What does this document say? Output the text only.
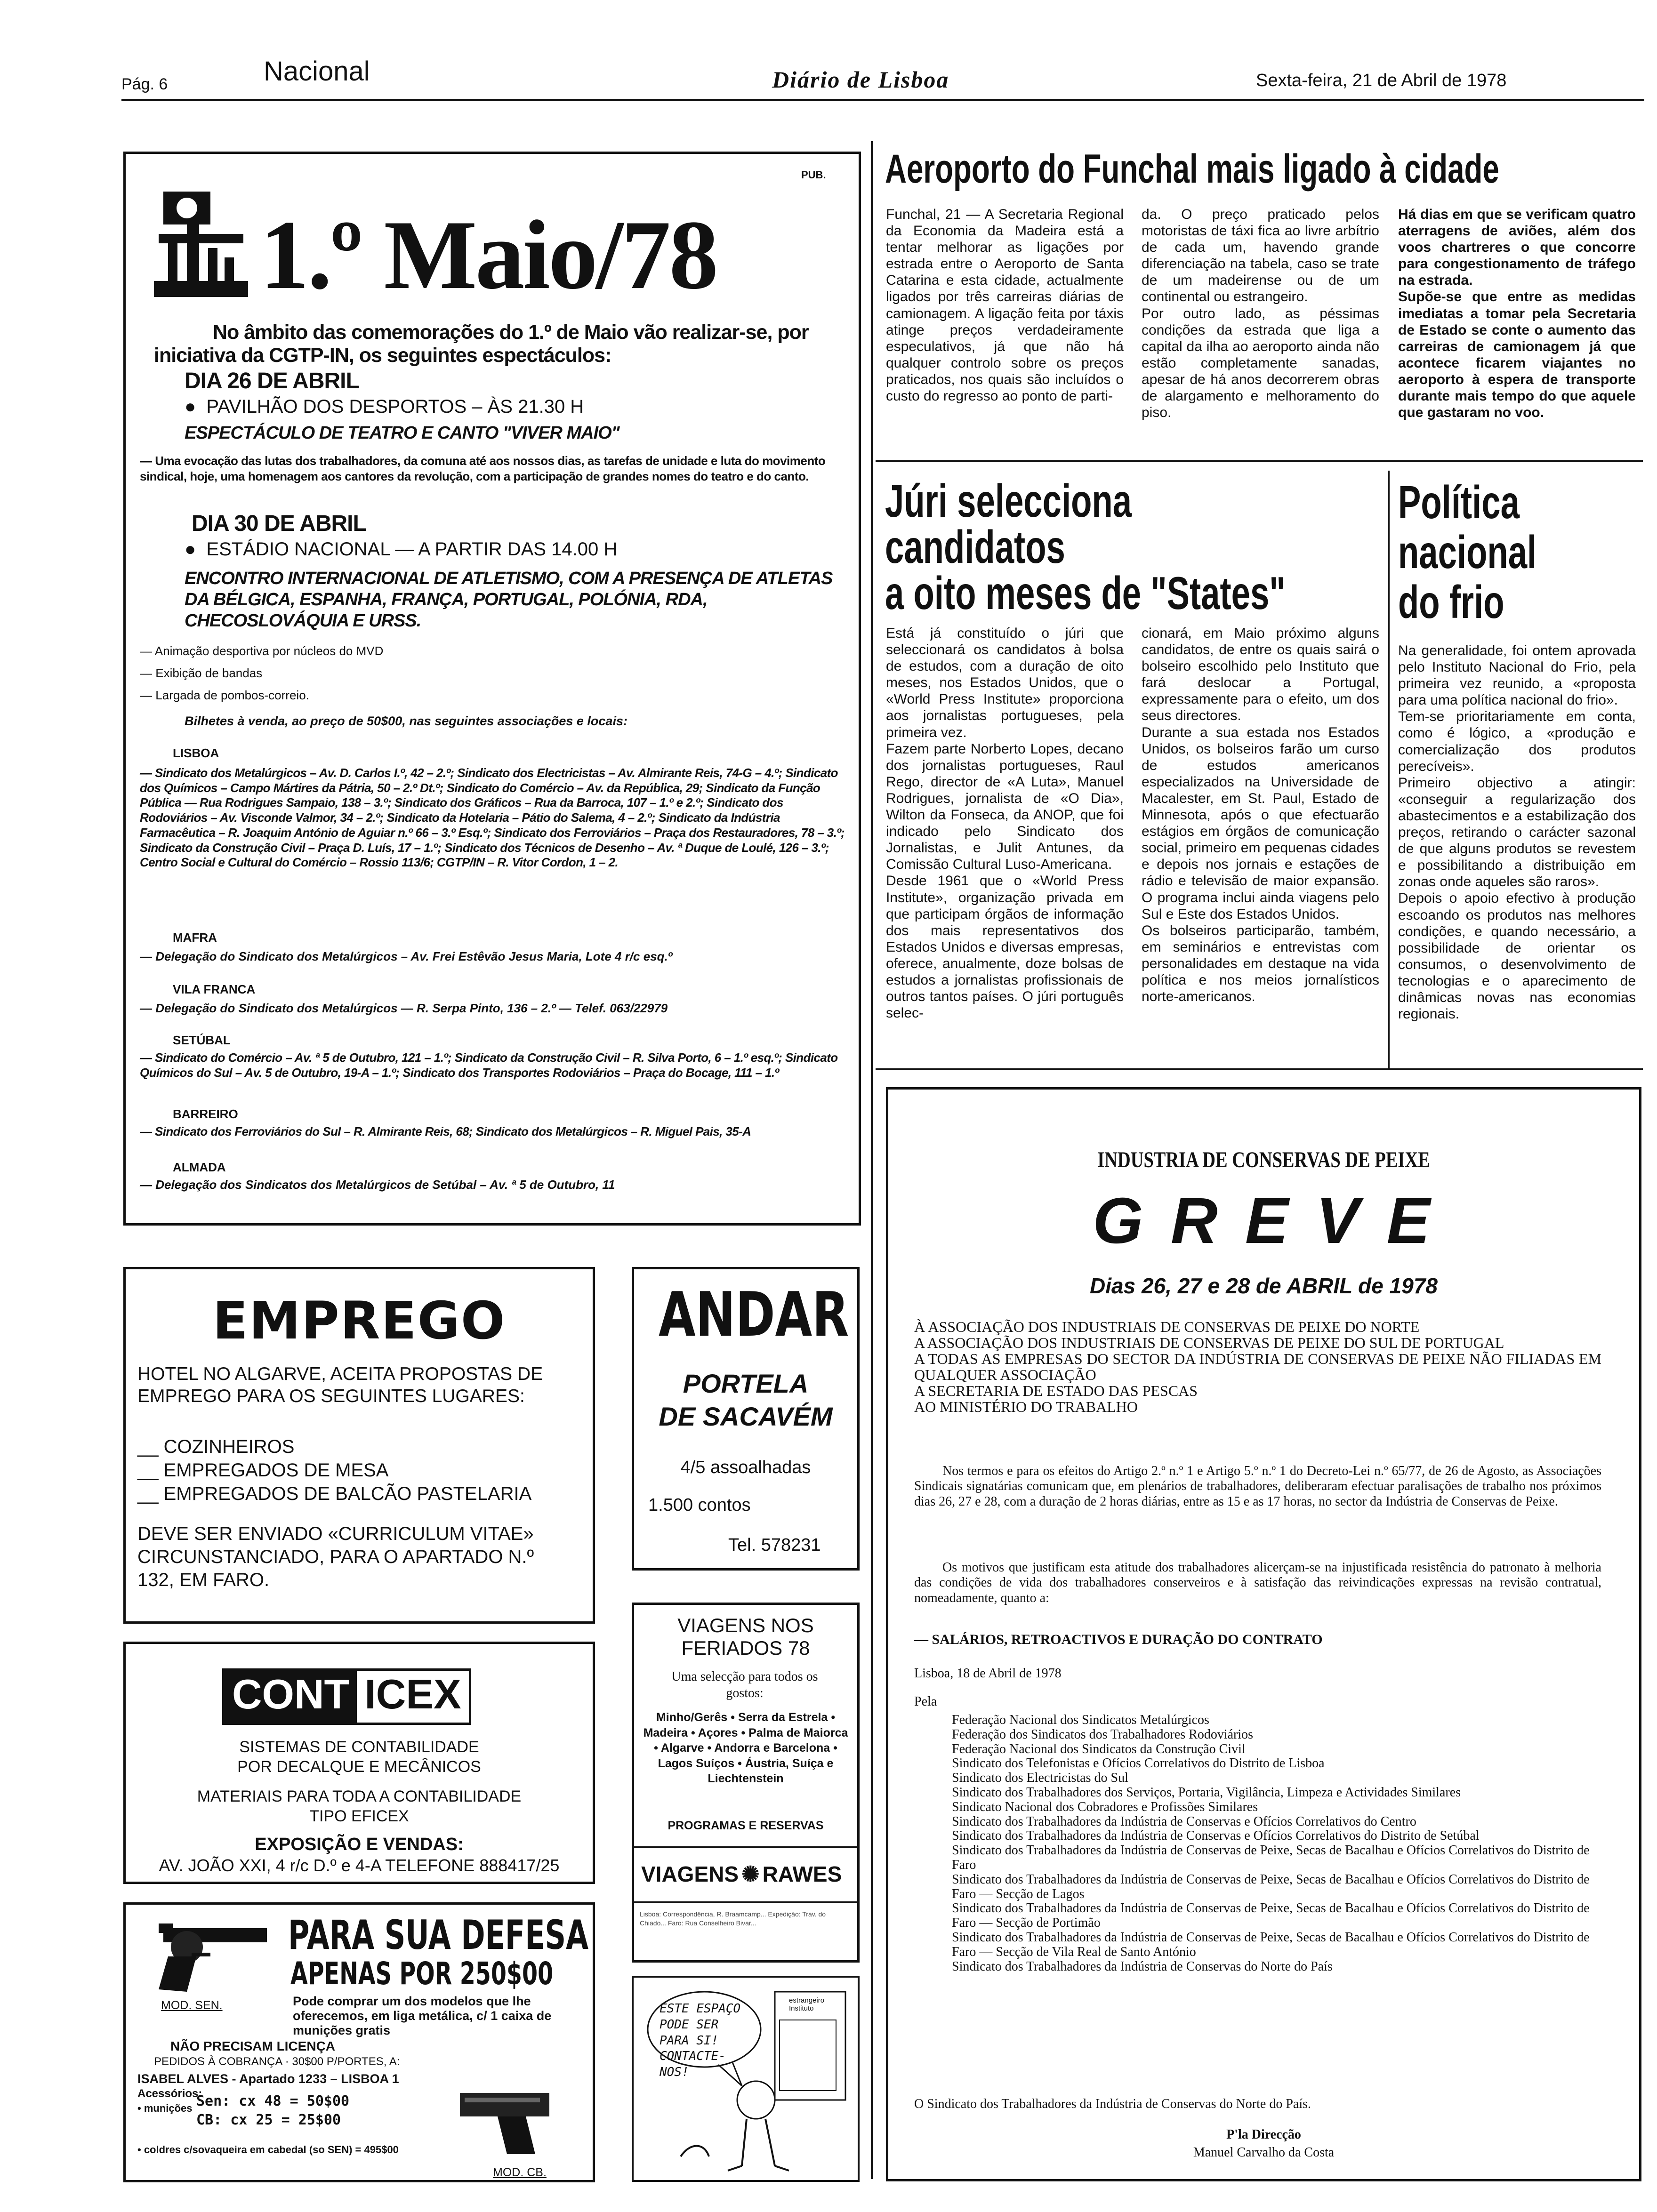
Pág. 6	Nacional	Diário de Lisboa	Sexta-feira, 21 de Abril de 1978
PUB.
1.º Maio/78
No âmbito das comemorações do 1.º de Maio vão realizar-se, por iniciativa da CGTP-IN, os seguintes espectáculos:
DIA 26 DE ABRIL
●  PAVILHÃO DOS DESPORTOS – ÀS 21.30 H
ESPECTÁCULO DE TEATRO E CANTO "VIVER MAIO"
— Uma evocação das lutas dos trabalhadores, da comuna até aos nossos dias, as tarefas de unidade e luta do movimento sindical, hoje, uma homenagem aos cantores da revolução, com a participação de grandes nomes do teatro e do canto.
DIA 30 DE ABRIL
●  ESTÁDIO NACIONAL — A PARTIR DAS 14.00 H
ENCONTRO INTERNACIONAL DE ATLETISMO, COM A PRESENÇA DE ATLETAS DA BÉLGICA, ESPANHA, FRANÇA, PORTUGAL, POLÓNIA, RDA, CHECOSLOVÁQUIA E URSS.
— Animação desportiva por núcleos do MVD
— Exibição de bandas
— Largada de pombos-correio.
Bilhetes à venda, ao preço de 50$00, nas seguintes associações e locais:
LISBOA
— Sindicato dos Metalúrgicos – Av. D. Carlos I.º, 42 – 2.º; Sindicato dos Electricistas – Av. Almirante Reis, 74-G – 4.º; Sindicato dos Químicos – Campo Mártires da Pátria, 50 – 2.º Dt.º; Sindicato do Comércio – Av. da República, 29; Sindicato da Função Pública — Rua Rodrigues Sampaio, 138 – 3.º; Sindicato dos Gráficos – Rua da Barroca, 107 – 1.º e 2.º; Sindicato dos Rodoviários – Av. Visconde Valmor, 34 – 2.º; Sindicato da Hotelaria – Pátio do Salema, 4 – 2.º; Sindicato da Indústria Farmacêutica – R. Joaquim António de Aguiar n.º 66 – 3.º Esq.º; Sindicato dos Ferroviários – Praça dos Restauradores, 78 – 3.º; Sindicato da Construção Civil – Praça D. Luís, 17 – 1.º; Sindicato dos Técnicos de Desenho – Av. ª Duque de Loulé, 126 – 3.º; Centro Social e Cultural do Comércio – Rossio 113/6; CGTP/IN – R. Vitor Cordon, 1 – 2.
MAFRA
— Delegação do Sindicato dos Metalúrgicos – Av. Frei Estêvão Jesus Maria, Lote 4 r/c esq.º
VILA FRANCA
— Delegação do Sindicato dos Metalúrgicos — R. Serpa Pinto, 136 – 2.º — Telef. 063/22979
SETÚBAL
— Sindicato do Comércio – Av. ª 5 de Outubro, 121 – 1.º; Sindicato da Construção Civil – R. Silva Porto, 6 – 1.º esq.º; Sindicato Químicos do Sul – Av. 5 de Outubro, 19-A – 1.º; Sindicato dos Transportes Rodoviários – Praça do Bocage, 111 – 1.º
BARREIRO
— Sindicato dos Ferroviários do Sul – R. Almirante Reis, 68; Sindicato dos Metalúrgicos – R. Miguel Pais, 35-A
ALMADA
— Delegação dos Sindicatos dos Metalúrgicos de Setúbal – Av. ª 5 de Outubro, 11
EMPREGO
HOTEL NO ALGARVE, ACEITA PROPOSTAS DE EMPREGO PARA OS SEGUINTES LUGARES:
__ COZINHEIROS
__ EMPREGADOS DE MESA
__ EMPREGADOS DE BALCÃO PASTELARIA
DEVE SER ENVIADO «CURRICULUM VITAE» CIRCUNSTANCIADO, PARA O APARTADO N.º 132, EM FARO.
ANDAR
PORTELA
DE SACAVÉM
4/5 assoalhadas
1.500 contos
Tel. 578231
CONT ICEX
SISTEMAS DE CONTABILIDADE
POR DECALQUE E MECÂNICOS
MATERIAIS PARA TODA A CONTABILIDADE
TIPO EFICEX
EXPOSIÇÃO E VENDAS:
AV. JOÃO XXI, 4 r/c D.º e 4-A TELEFONE 888417/25
VIAGENS NOS FERIADOS 78
Uma selecção para todos os gostos:
Minho/Gerês • Serra da Estrela • Madeira • Açores • Palma de Maiorca • Algarve • Andorra e Barcelona • Lagos Suíços • Áustria, Suíça e Liechtenstein
PROGRAMAS E RESERVAS
VIAGENS ✺ RAWES
Lisboa: Correspondência, R. Braamcamp... Expedição: Trav. do Chiado... Faro: Rua Conselheiro Bivar...
MOD. SEN.
PARA SUA DEFESA
APENAS POR 250$00
Pode comprar um dos modelos que lhe oferecemos, em liga metálica, c/ 1 caixa de munições gratis
NÃO PRECISAM LICENÇA
PEDIDOS À COBRANÇA · 30$00 P/PORTES, A:
ISABEL ALVES - Apartado 1233 – LISBOA 1
Acessórios:
• munições Sen: cx 48 = 50$00
CB: cx 25 = 25$00
• coldres c/sovaqueira em cabedal (so SEN) = 495$00
MOD. CB.
ESTE ESPAÇO PODE SER PARA SI! CONTACTE-NOS!
estrangeiro Instituto
Aeroporto do Funchal mais ligado à cidade
Funchal, 21 — A Secretaria Regional da Economia da Madeira está a tentar melhorar as ligações por estrada entre o Aeroporto de Santa Catarina e esta cidade, actualmente ligados por três carreiras diárias de camionagem. A ligação feita por táxis atinge preços verdadeiramente especulativos, já que não há qualquer controlo sobre os preços praticados, nos quais são incluídos o custo do regresso ao ponto de parti-
da. O preço praticado pelos motoristas de táxi fica ao livre arbítrio de cada um, havendo grande diferenciação na tabela, caso se trate de um madeirense ou de um continental ou estrangeiro.
Por outro lado, as péssimas condições da estrada que liga a capital da ilha ao aeroporto ainda não estão completamente sanadas, apesar de há anos decorrerem obras de alargamento e melhoramento do piso.
Há dias em que se verificam quatro aterragens de aviões, além dos voos chartreres o que concorre para congestionamento de tráfego na estrada.
Supõe-se que entre as medidas imediatas a tomar pela Secretaria de Estado se conte o aumento das carreiras de camionagem já que acontece ficarem viajantes no aeroporto à espera de transporte durante mais tempo do que aquele que gastaram no voo.
Júri selecciona
candidatos
a oito meses de "States"
Está já constituído o júri que seleccionará os candidatos à bolsa de estudos, com a duração de oito meses, nos Estados Unidos, que o «World Press Institute» proporciona aos jornalistas portugueses, pela primeira vez.
Fazem parte Norberto Lopes, decano dos jornalistas portugueses, Raul Rego, director de «A Luta», Manuel Rodrigues, jornalista de «O Dia», Wilton da Fonseca, da ANOP, que foi indicado pelo Sindicato dos Jornalistas, e Julit Antunes, da Comissão Cultural Luso-Americana.
Desde 1961 que o «World Press Institute», organização privada em que participam órgãos de informação dos mais representativos dos Estados Unidos e diversas empresas, oferece, anualmente, doze bolsas de estudos a jornalistas profissionais de outros tantos países. O júri português selec-
cionará, em Maio próximo alguns candidatos, de entre os quais sairá o bolseiro escolhido pelo Instituto que fará deslocar a Portugal, expressamente para o efeito, um dos seus directores.
Durante a sua estada nos Estados Unidos, os bolseiros farão um curso de estudos americanos especializados na Universidade de Macalester, em St. Paul, Estado de Minnesota, após o que efectuarão estágios em órgãos de comunicação social, primeiro em pequenas cidades e depois nos jornais e estações de rádio e televisão de maior expansão. O programa inclui ainda viagens pelo Sul e Este dos Estados Unidos.
Os bolseiros participarão, também, em seminários e entrevistas com personalidades em destaque na vida política e nos meios jornalísticos norte-americanos.
Política
nacional
do frio
Na generalidade, foi ontem aprovada pelo Instituto Nacional do Frio, pela primeira vez reunido, a «proposta para uma política nacional do frio».
Tem-se prioritariamente em conta, como é lógico, a «produção e comercialização dos produtos perecíveis».
Primeiro objectivo a atingir: «conseguir a regularização dos abastecimentos e a estabilização dos preços, retirando o carácter sazonal de que alguns produtos se revestem e possibilitando a distribuição em zonas onde aqueles são raros».
Depois o apoio efectivo à produção escoando os produtos nas melhores condições, e quando necessário, a possibilidade de orientar os consumos, o desenvolvimento de tecnologias e o aparecimento de dinâmicas novas nas economias regionais.
INDUSTRIA DE CONSERVAS DE PEIXE
G R E V E
Dias 26, 27 e 28 de ABRIL de 1978
À ASSOCIAÇÃO DOS INDUSTRIAIS DE CONSERVAS DE PEIXE DO NORTE
A ASSOCIAÇÃO DOS INDUSTRIAIS DE CONSERVAS DE PEIXE DO SUL DE PORTUGAL
A TODAS AS EMPRESAS DO SECTOR DA INDÚSTRIA DE CONSERVAS DE PEIXE NÃO FILIADAS EM QUALQUER ASSOCIAÇÃO
A SECRETARIA DE ESTADO DAS PESCAS
AO MINISTÉRIO DO TRABALHO
Nos termos e para os efeitos do Artigo 2.º n.º 1 e Artigo 5.º n.º 1 do Decreto-Lei n.º 65/77, de 26 de Agosto, as Associações Sindicais signatárias comunicam que, em plenários de trabalhadores, deliberaram efectuar paralisações de trabalho nos próximos dias 26, 27 e 28, com a duração de 2 horas diárias, entre as 15 e as 17 horas, no sector da Indústria de Conservas de Peixe.
Os motivos que justificam esta atitude dos trabalhadores alicerçam-se na injustificada resistência do patronato à melhoria das condições de vida dos trabalhadores conserveiros e à satisfação das reivindicações expressas na revisão contratual, nomeadamente, quanto a:
— SALÁRIOS, RETROACTIVOS E DURAÇÃO DO CONTRATO
Lisboa, 18 de Abril de 1978
Pela
Federação Nacional dos Sindicatos Metalúrgicos
Federação dos Sindicatos dos Trabalhadores Rodoviários
Federação Nacional dos Sindicatos da Construção Civil
Sindicato dos Telefonistas e Ofícios Correlativos do Distrito de Lisboa
Sindicato dos Electricistas do Sul
Sindicato dos Trabalhadores dos Serviços, Portaria, Vigilância, Limpeza e Actividades Similares
Sindicato Nacional dos Cobradores e Profissões Similares
Sindicato dos Trabalhadores da Indústria de Conservas e Ofícios Correlativos do Centro
Sindicato dos Trabalhadores da Indústria de Conservas e Ofícios Correlativos do Distrito de Setúbal
Sindicato dos Trabalhadores da Indústria de Conservas de Peixe, Secas de Bacalhau e Ofícios Correlativos do Distrito de Faro
Sindicato dos Trabalhadores da Indústria de Conservas de Peixe, Secas de Bacalhau e Ofícios Correlativos do Distrito de Faro — Secção de Lagos
Sindicato dos Trabalhadores da Indústria de Conservas de Peixe, Secas de Bacalhau e Ofícios Correlativos do Distrito de Faro — Secção de Portimão
Sindicato dos Trabalhadores da Indústria de Conservas de Peixe, Secas de Bacalhau e Ofícios Correlativos do Distrito de Faro — Secção de Vila Real de Santo António
Sindicato dos Trabalhadores da Indústria de Conservas do Norte do País
O Sindicato dos Trabalhadores da Indústria de Conservas do Norte do País.
P'la Direcção
Manuel Carvalho da Costa
